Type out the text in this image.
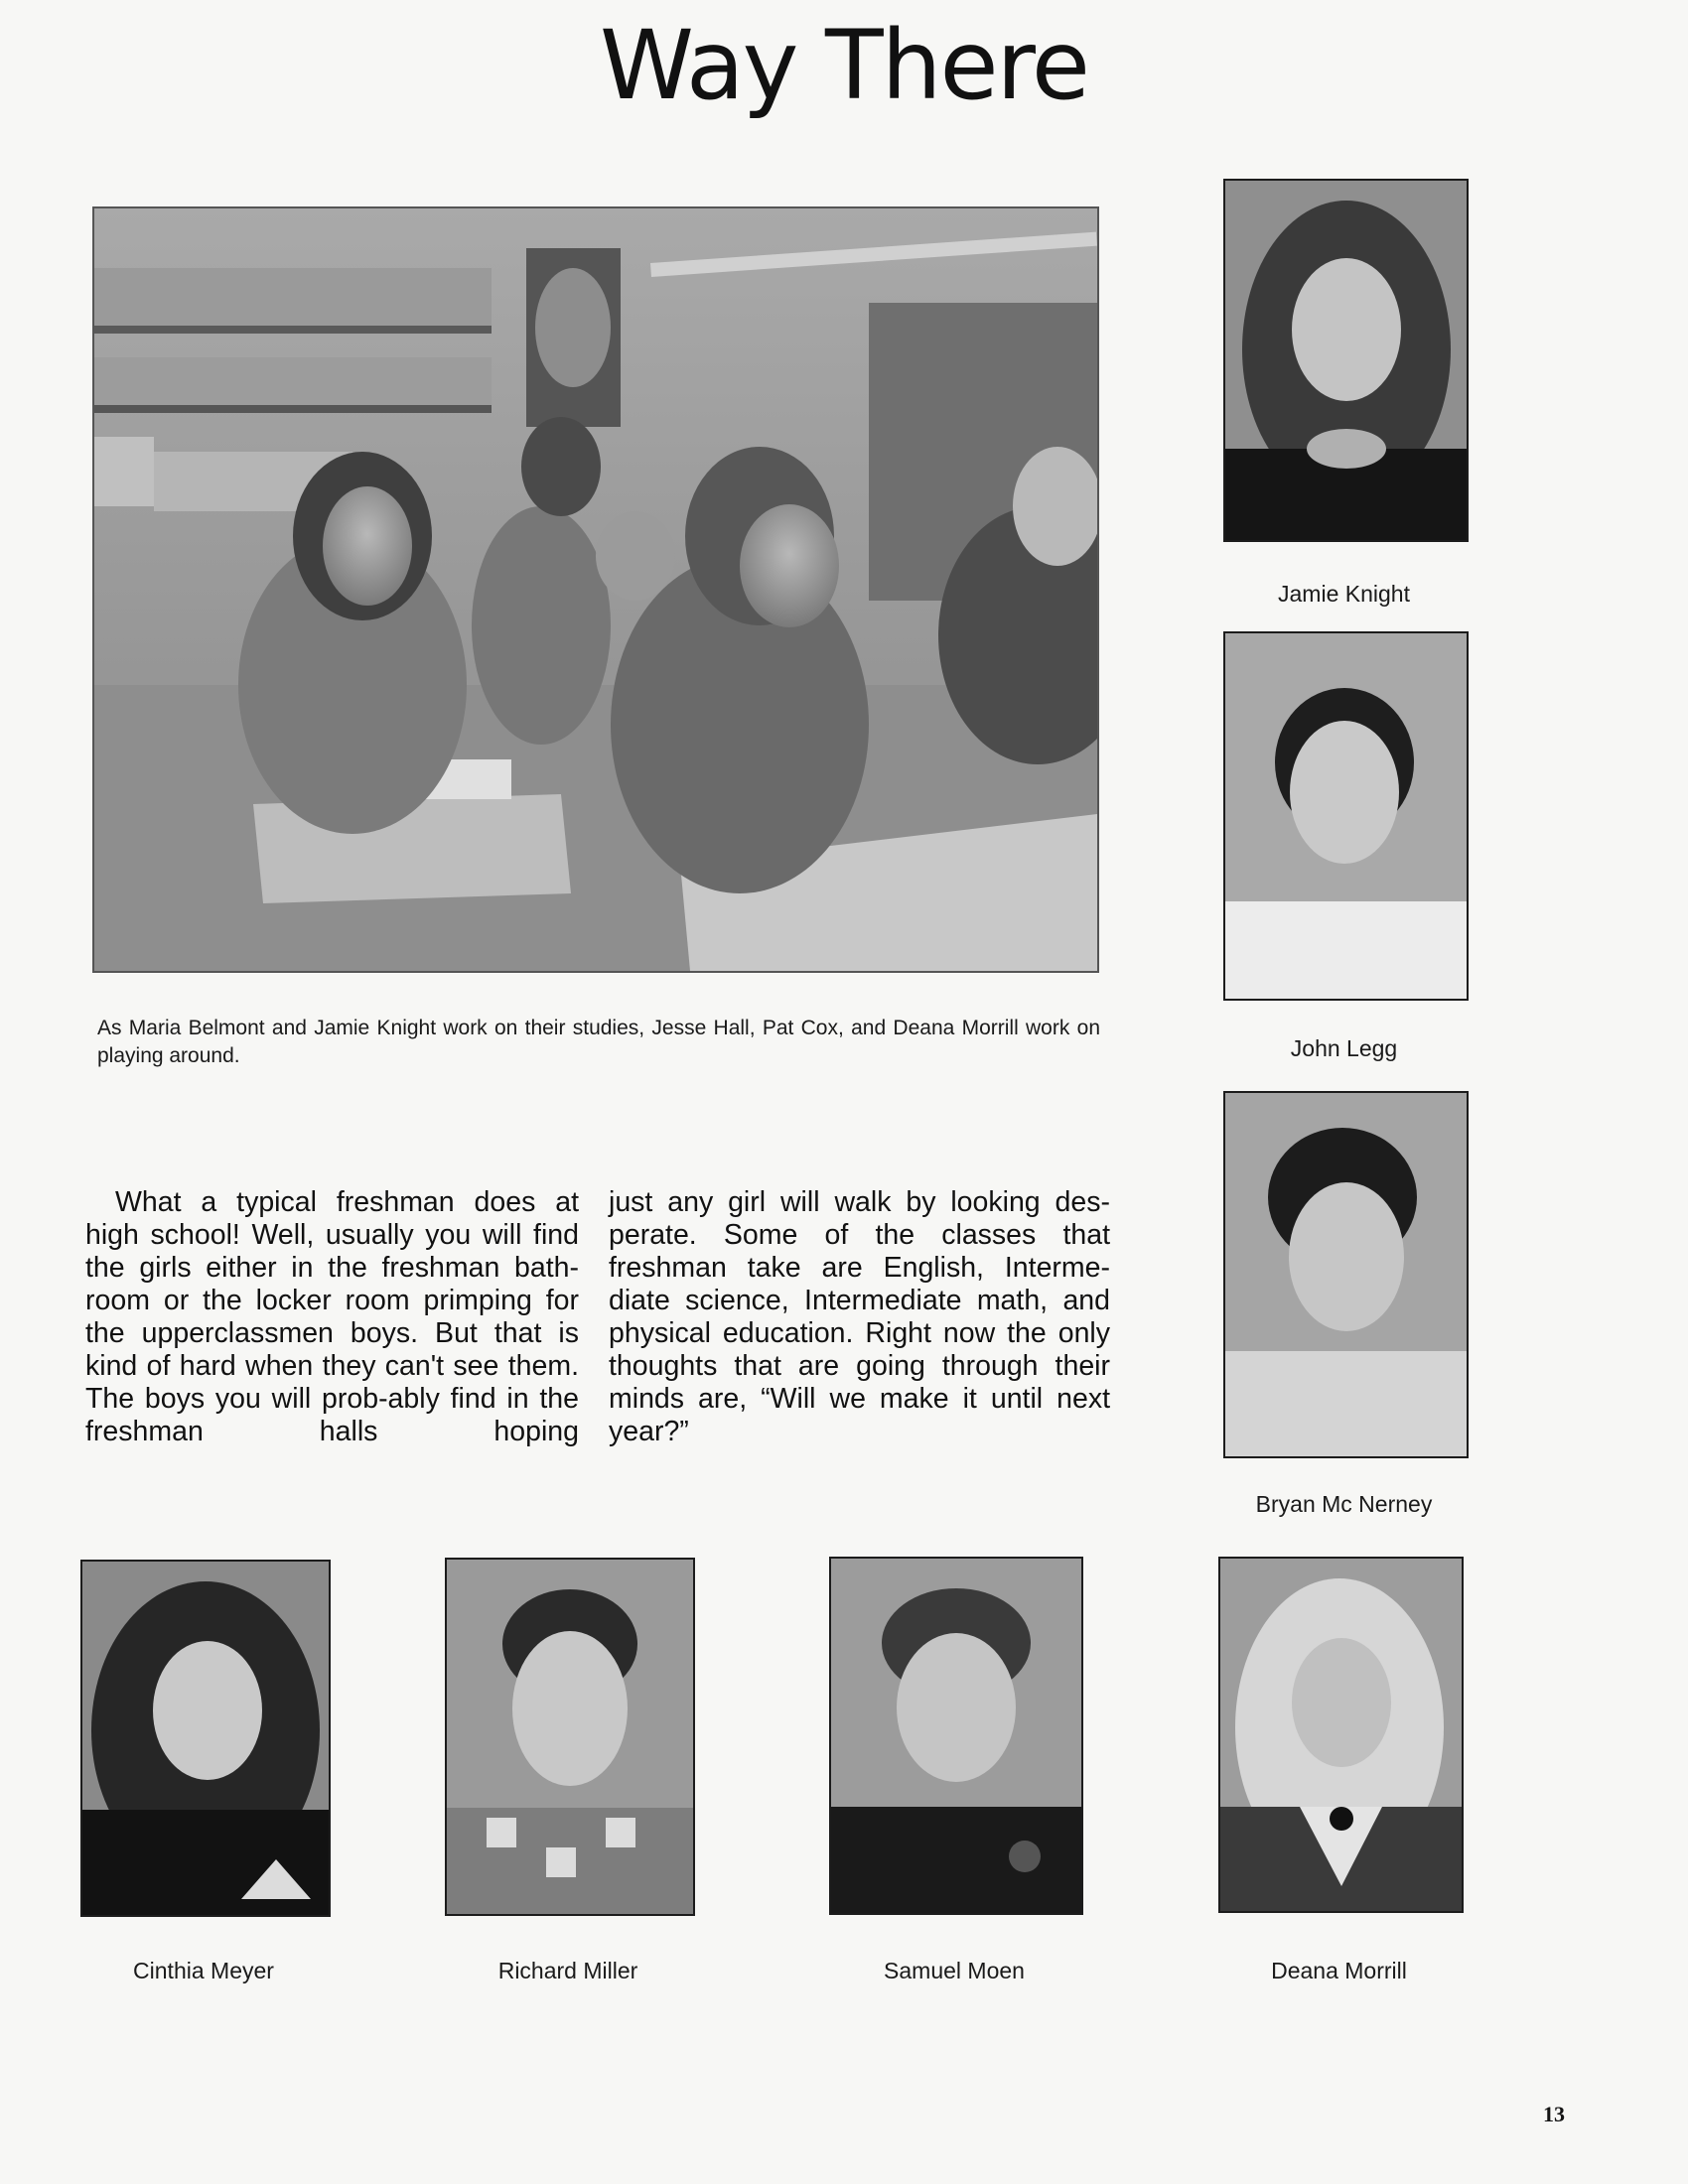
Way There
As Maria Belmont and Jamie Knight work on their studies, Jesse Hall, Pat Cox, and Deana Morrill work on playing around.
What a typical freshman does at high school! Well, usually you will find the girls either in the freshman bath-room or the locker room primping for the upperclassmen boys. But that is kind of hard when they can't see them. The boys you will prob-ably find in the freshman halls hoping
just any girl will walk by looking des-perate. Some of the classes that freshman take are English, Interme-diate science, Intermediate math, and physical education. Right now the only thoughts that are going through their minds are, “Will we make it until next year?”
Jamie Knight
John Legg
Bryan Mc Nerney
Cinthia Meyer	Richard Miller	Samuel Moen	Deana Morrill
13
